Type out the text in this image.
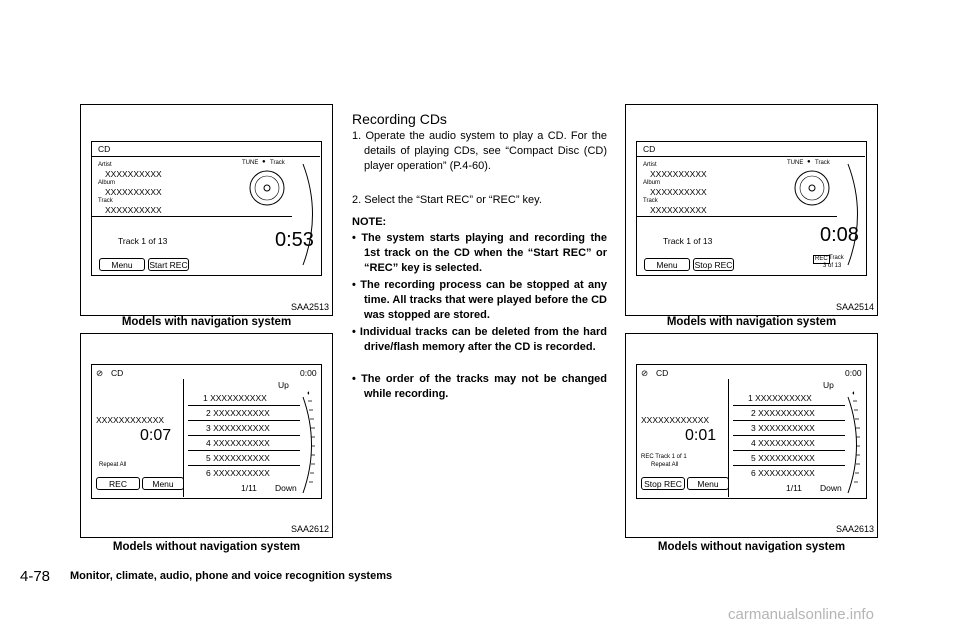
CD
Artist
XXXXXXXXXX
Album
XXXXXXXXXX
Track
XXXXXXXXXX
TUNE ● Track
Track 1 of 13	0:53
Menu	Start REC
SAA2513
Models with navigation system
⊘ CD	0:00
Up
XXXXXXXXXXXX
0:07
Repeat All
REC	Menu
1 XXXXXXXXXX
2 XXXXXXXXXX
3 XXXXXXXXXX
4 XXXXXXXXXX
5 XXXXXXXXXX
6 XXXXXXXXXX
1/11 Down
◐
SAA2612
Models without navigation system
Recording CDs
1. Operate the audio system to play a CD. For the details of playing CDs, see “Compact Disc (CD) player operation” (P.4-60).
2. Select the “Start REC” or “REC” key.
NOTE:
• The system starts playing and recording the 1st track on the CD when the “Start REC” or “REC” key is selected.
• The recording process can be stopped at any time. All tracks that were played before the CD was stopped are stored.
• Individual tracks can be deleted from the hard drive/flash memory after the CD is recorded.
• The order of the tracks may not be changed while recording.
CD
Artist
XXXXXXXXXX
Album
XXXXXXXXXX
Track
XXXXXXXXXX
TUNE ● Track
Track 1 of 13	0:08
Menu	Stop REC
REC Track
3 of 13
SAA2514
Models with navigation system
⊘ CD	0:00
Up
XXXXXXXXXXXX
0:01
REC Track 1 of 1
Repeat All
Stop REC	Menu
1 XXXXXXXXXX
2 XXXXXXXXXX
3 XXXXXXXXXX
4 XXXXXXXXXX
5 XXXXXXXXXX
6 XXXXXXXXXX
1/11 Down
◐
SAA2613
Models without navigation system
4-78 Monitor, climate, audio, phone and voice recognition systems
carmanualsonline.info
